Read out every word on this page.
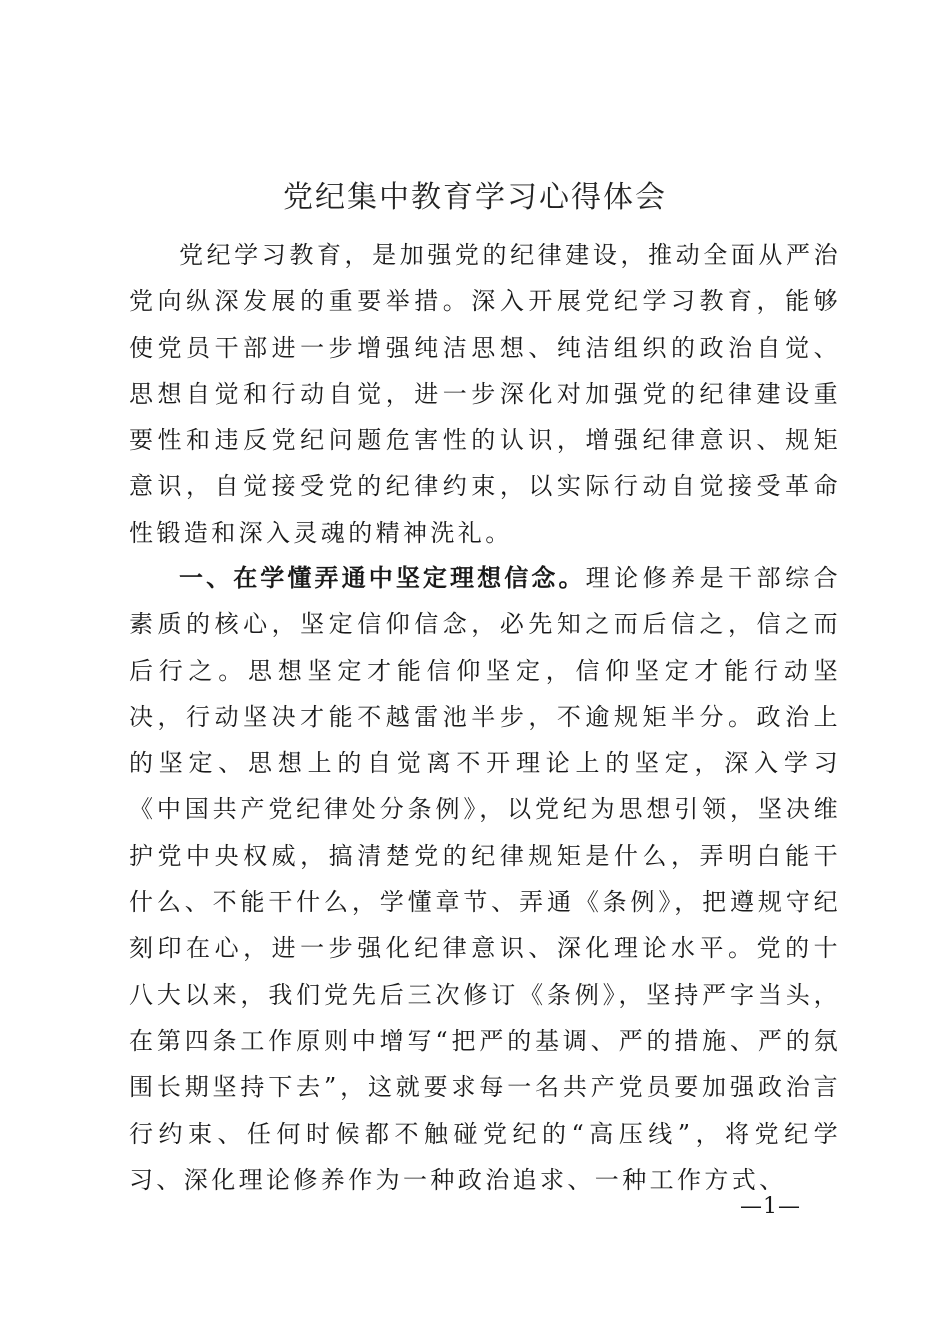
党纪集中教育学习心得体会

党纪学习教育，是加强党的纪律建设，推动全面从严治党向纵深发展的重要举措。深入开展党纪学习教育，能够使党员干部进一步增强纯洁思想、纯洁组织的政治自觉、思想自觉和行动自觉，进一步深化对加强党的纪律建设重要性和违反党纪问题危害性的认识，增强纪律意识、规矩意识，自觉接受党的纪律约束，以实际行动自觉接受革命性锻造和深入灵魂的精神洗礼。

一、在学懂弄通中坚定理想信念。理论修养是干部综合素质的核心，坚定信仰信念，必先知之而后信之，信之而后行之。思想坚定才能信仰坚定，信仰坚定才能行动坚决，行动坚决才能不越雷池半步，不逾规矩半分。政治上的坚定、思想上的自觉离不开理论上的坚定，深入学习《中国共产党纪律处分条例》，以党纪为思想引领，坚决维护党中央权威，搞清楚党的纪律规矩是什么，弄明白能干什么、不能干什么，学懂章节、弄通《条例》，把遵规守纪刻印在心，进一步强化纪律意识、深化理论水平。党的十八大以来，我们党先后三次修订《条例》，坚持严字当头，在第四条工作原则中增写“把严的基调、严的措施、严的氛围长期坚持下去”，这就要求每一名共产党员要加强政治言行约束、任何时候都不触碰党纪的“高压线”，将党纪学习、深化理论修养作为一种政治追求、一种工作方式、

—1—
